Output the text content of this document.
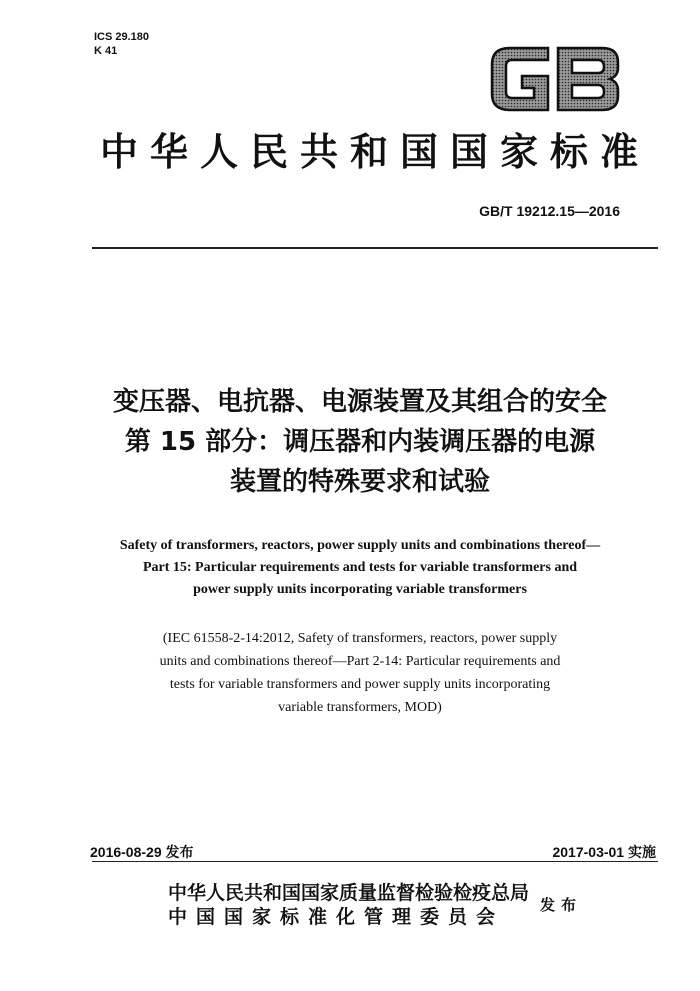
ICS 29.180
K 41
GB
中华人民共和国国家标准
GB/T 19212.15—2016
变压器、电抗器、电源装置及其组合的安全
第 15 部分：调压器和内装调压器的电源
装置的特殊要求和试验
Safety of transformers, reactors, power supply units and combinations thereof—
Part 15: Particular requirements and tests for variable transformers and
power supply units incorporating variable transformers
(IEC 61558-2-14:2012, Safety of transformers, reactors, power supply
units and combinations thereof—Part 2-14: Particular requirements and
tests for variable transformers and power supply units incorporating
variable transformers, MOD)
2016-08-29 发布	2017-03-01 实施
中华人民共和国国家质量监督检验检疫总局
中国国家标准化管理委员会
发布
